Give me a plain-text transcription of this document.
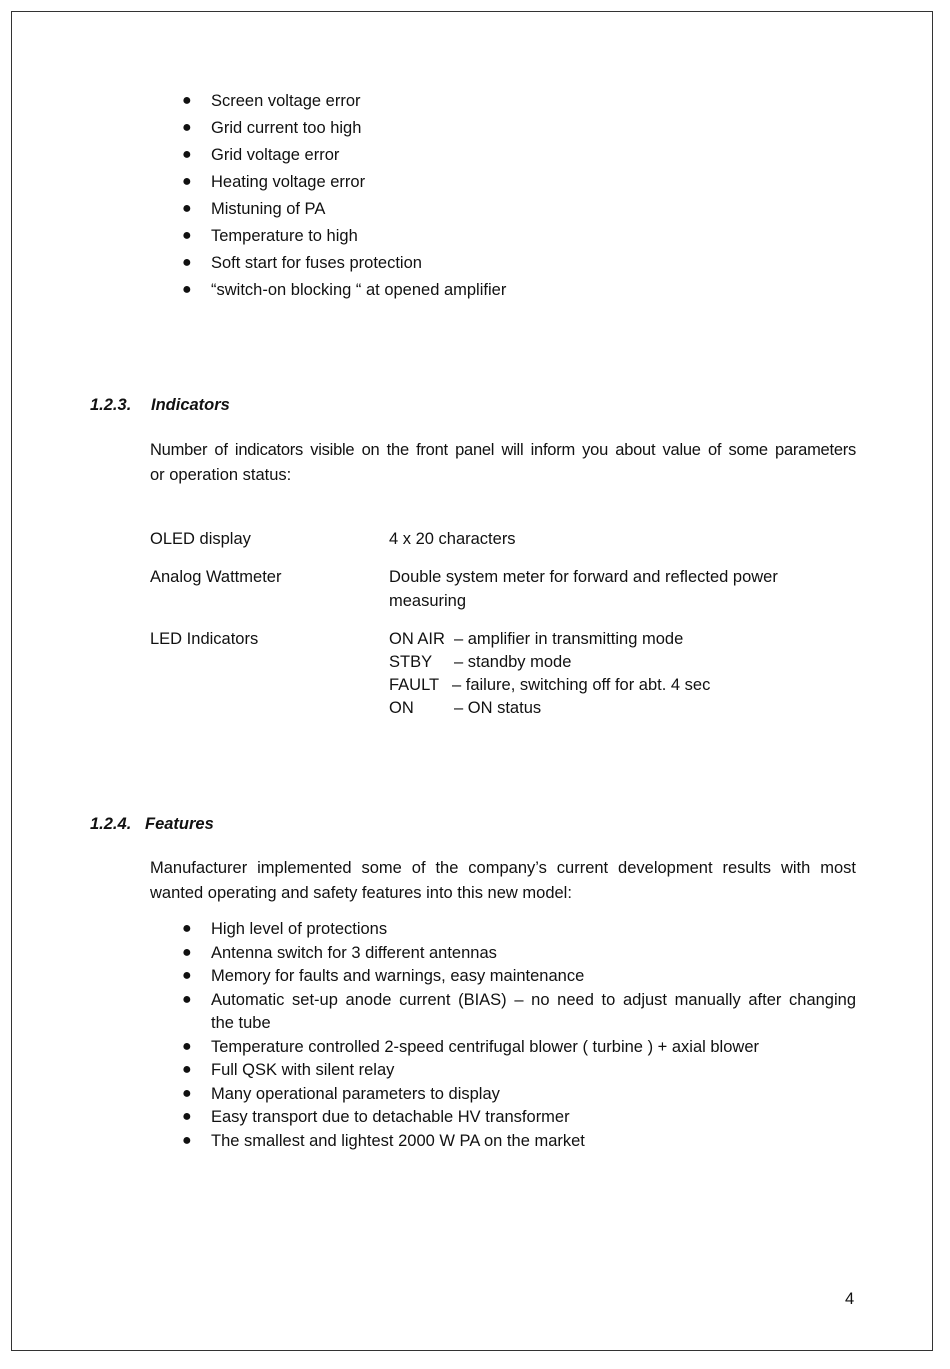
● Screen voltage error
● Grid current too high
● Grid voltage error
● Heating voltage error
● Mistuning of PA
● Temperature to high
● Soft start for fuses protection
● “switch-on blocking “ at opened amplifier
1.2.3. Indicators
Number of indicators visible on the front panel will inform you about value of some parameters
or operation status:
OLED display	4 x 20 characters
Analog Wattmeter	Double system meter for forward and reflected power
measuring
LED Indicators	ON AIR – amplifier in transmitting mode
STBY – standby mode
FAULT – failure, switching off for abt. 4 sec
ON – ON status
1.2.4. Features
Manufacturer implemented some of the company’s current development results with most
wanted operating and safety features into this new model:
● High level of protections
● Antenna switch for 3 different antennas
● Memory for faults and warnings, easy maintenance
● Automatic set-up anode current (BIAS) – no need to adjust manually after changing
the tube
● Temperature controlled 2-speed centrifugal blower ( turbine ) + axial blower
● Full QSK with silent relay
● Many operational parameters to display
● Easy transport due to detachable HV transformer
● The smallest and lightest 2000 W PA on the market
4
